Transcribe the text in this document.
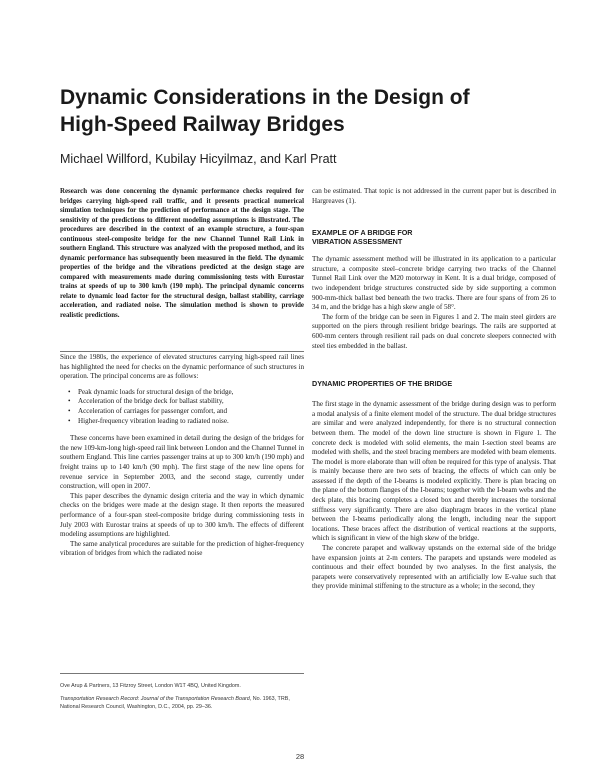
Dynamic Considerations in the Design of
High-Speed Railway Bridges

Michael Willford, Kubilay Hicyilmaz, and Karl Pratt

Research was done concerning the dynamic performance checks required for bridges carrying high-speed rail traffic, and it presents practical numerical simulation techniques for the prediction of performance at the design stage. The sensitivity of the predictions to different modeling assumptions is illustrated. The procedures are described in the context of an example structure, a four-span continuous steel-composite bridge for the new Channel Tunnel Rail Link in southern England. This structure was analyzed with the proposed method, and its dynamic performance has subsequently been measured in the field. The dynamic properties of the bridge and the vibrations predicted at the design stage are compared with measurements made during commissioning tests with Eurostar trains at speeds of up to 300 km/h (190 mph). The principal dynamic concerns relate to dynamic load factor for the structural design, ballast stability, carriage acceleration, and radiated noise. The simulation method is shown to provide realistic predictions.

Since the 1980s, the experience of elevated structures carrying high-speed rail lines has highlighted the need for checks on the dynamic performance of such structures in operation. The principal concerns are as follows:

• Peak dynamic loads for structural design of the bridge,
• Acceleration of the bridge deck for ballast stability,
• Acceleration of carriages for passenger comfort, and
• Higher-frequency vibration leading to radiated noise.

These concerns have been examined in detail during the design of the bridges for the new 109-km-long high-speed rail link between London and the Channel Tunnel in southern England. This line carries passenger trains at up to 300 km/h (190 mph) and freight trains up to 140 km/h (90 mph). The first stage of the new line opens for revenue service in September 2003, and the second stage, currently under construction, will open in 2007.

This paper describes the dynamic design criteria and the way in which dynamic checks on the bridges were made at the design stage. It then reports the measured performance of a four-span steel-composite bridge during commissioning tests in July 2003 with Eurostar trains at speeds of up to 300 km/h. The effects of different modeling assumptions are highlighted.

The same analytical procedures are suitable for the prediction of higher-frequency vibration of bridges from which the radiated noise

Ove Arup & Partners, 13 Fitzroy Street, London W1T 4BQ, United Kingdom.

Transportation Research Record: Journal of the Transportation Research Board, No. 1963, TRB, National Research Council, Washington, D.C., 2004, pp. 29–36.

can be estimated. That topic is not addressed in the current paper but is described in Hargreaves (1).

EXAMPLE OF A BRIDGE FOR
VIBRATION ASSESSMENT

The dynamic assessment method will be illustrated in its application to a particular structure, a composite steel–concrete bridge carrying two tracks of the Channel Tunnel Rail Link over the M20 motorway in Kent. It is a dual bridge, composed of two independent bridge structures constructed side by side supporting a common 900-mm-thick ballast bed beneath the two tracks. There are four spans of from 26 to 34 m, and the bridge has a high skew angle of 58°.

The form of the bridge can be seen in Figures 1 and 2. The main steel girders are supported on the piers through resilient bridge bearings. The rails are supported at 600-mm centers through resilient rail pads on dual concrete sleepers connected with steel ties embedded in the ballast.

DYNAMIC PROPERTIES OF THE BRIDGE

The first stage in the dynamic assessment of the bridge during design was to perform a modal analysis of a finite element model of the structure. The dual bridge structures are similar and were analyzed independently, for there is no structural connection between them. The model of the down line structure is shown in Figure 1. The concrete deck is modeled with solid elements, the main I-section steel beams are modeled with shells, and the steel bracing members are modeled with beam elements. The model is more elaborate than will often be required for this type of analysis. That is mainly because there are two sets of bracing, the effects of which can only be assessed if the depth of the I-beams is modeled explicitly. There is plan bracing on the plane of the bottom flanges of the I-beams; together with the I-beam webs and the deck plate, this bracing completes a closed box and thereby increases the torsional stiffness very significantly. There are also diaphragm braces in the vertical plane between the I-beams periodically along the length, including near the support locations. These braces affect the distribution of vertical reactions at the supports, which is significant in view of the high skew of the bridge.

The concrete parapet and walkway upstands on the external side of the bridge have expansion joints at 2-m centers. The parapets and upstands were modeled as continuous and their effect bounded by two analyses. In the first analysis, the parapets were conservatively represented with an artificially low E-value such that they provide minimal stiffening to the structure as a whole; in the second, they

28
